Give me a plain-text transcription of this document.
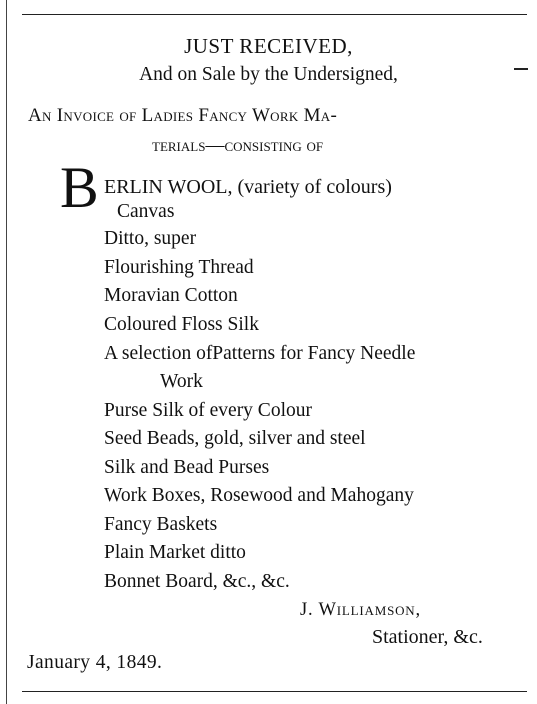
JUST RECEIVED,
And on Sale by the Undersigned,
An Invoice of Ladies Fancy Work Ma-
terials—consisting of
B ERLIN WOOL, (variety of colours)
Canvas
Ditto, super
Flourishing Thread
Moravian Cotton
Coloured Floss Silk
A selection ofPatterns for Fancy Needle
Work
Purse Silk of every Colour
Seed Beads, gold, silver and steel
Silk and Bead Purses
Work Boxes, Rosewood and Mahogany
Fancy Baskets
Plain Market ditto
Bonnet Board, &c., &c.
J. Williamson,
Stationer, &c.
January 4, 1849.
